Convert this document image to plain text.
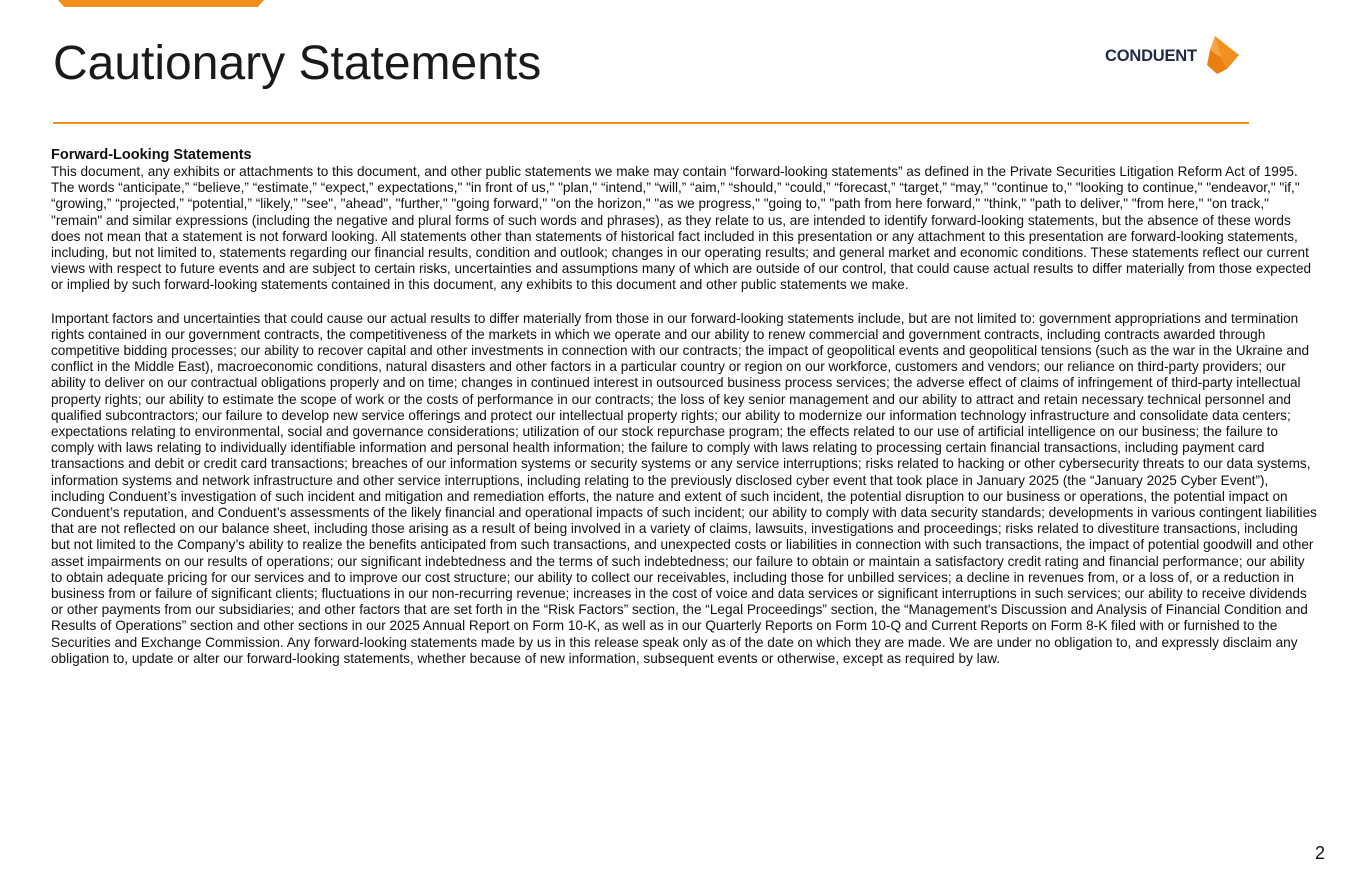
Cautionary Statements	CONDUENT
Forward-Looking Statements

This document, any exhibits or attachments to this document, and other public statements we make may contain “forward-looking statements” as defined in the Private Securities Litigation Reform Act of 1995. The words “anticipate,” “believe,” “estimate,” “expect,” expectations," "in front of us," "plan," “intend,” “will,” “aim,” “should,” “could,” “forecast,” “target,” “may,” "continue to," "looking to continue," "endeavor," "if," “growing,” “projected,” “potential,” “likely,” "see", "ahead", "further," "going forward," "on the horizon," "as we progress," "going to," "path from here forward," "think," "path to deliver," "from here," "on track," "remain" and similar expressions (including the negative and plural forms of such words and phrases), as they relate to us, are intended to identify forward-looking statements, but the absence of these words does not mean that a statement is not forward looking. All statements other than statements of historical fact included in this presentation or any attachment to this presentation are forward-looking statements, including, but not limited to, statements regarding our financial results, condition and outlook; changes in our operating results; and general market and economic conditions. These statements reflect our current views with respect to future events and are subject to certain risks, uncertainties and assumptions many of which are outside of our control, that could cause actual results to differ materially from those expected or implied by such forward-looking statements contained in this document, any exhibits to this document and other public statements we make.

Important factors and uncertainties that could cause our actual results to differ materially from those in our forward-looking statements include, but are not limited to: government appropriations and termination rights contained in our government contracts, the competitiveness of the markets in which we operate and our ability to renew commercial and government contracts, including contracts awarded through competitive bidding processes; our ability to recover capital and other investments in connection with our contracts; the impact of geopolitical events and geopolitical tensions (such as the war in the Ukraine and conflict in the Middle East), macroeconomic conditions, natural disasters and other factors in a particular country or region on our workforce, customers and vendors; our reliance on third-party providers; our ability to deliver on our contractual obligations properly and on time; changes in continued interest in outsourced business process services; the adverse effect of claims of infringement of third-party intellectual property rights; our ability to estimate the scope of work or the costs of performance in our contracts; the loss of key senior management and our ability to attract and retain necessary technical personnel and qualified subcontractors; our failure to develop new service offerings and protect our intellectual property rights; our ability to modernize our information technology infrastructure and consolidate data centers; expectations relating to environmental, social and governance considerations; utilization of our stock repurchase program; the effects related to our use of artificial intelligence on our business; the failure to comply with laws relating to individually identifiable information and personal health information; the failure to comply with laws relating to processing certain financial transactions, including payment card transactions and debit or credit card transactions; breaches of our information systems or security systems or any service interruptions; risks related to hacking or other cybersecurity threats to our data systems, information systems and network infrastructure and other service interruptions, including relating to the previously disclosed cyber event that took place in January 2025 (the “January 2025 Cyber Event”), including Conduent’s investigation of such incident and mitigation and remediation efforts, the nature and extent of such incident, the potential disruption to our business or operations, the potential impact on Conduent’s reputation, and Conduent’s assessments of the likely financial and operational impacts of such incident; our ability to comply with data security standards; developments in various contingent liabilities that are not reflected on our balance sheet, including those arising as a result of being involved in a variety of claims, lawsuits, investigations and proceedings; risks related to divestiture transactions, including but not limited to the Company’s ability to realize the benefits anticipated from such transactions, and unexpected costs or liabilities in connection with such transactions, the impact of potential goodwill and other asset impairments on our results of operations; our significant indebtedness and the terms of such indebtedness; our failure to obtain or maintain a satisfactory credit rating and financial performance; our ability to obtain adequate pricing for our services and to improve our cost structure; our ability to collect our receivables, including those for unbilled services; a decline in revenues from, or a loss of, or a reduction in business from or failure of significant clients; fluctuations in our non-recurring revenue; increases in the cost of voice and data services or significant interruptions in such services; our ability to receive dividends or other payments from our subsidiaries; and other factors that are set forth in the “Risk Factors” section, the “Legal Proceedings” section, the “Management's Discussion and Analysis of Financial Condition and Results of Operations” section and other sections in our 2025 Annual Report on Form 10-K, as well as in our Quarterly Reports on Form 10-Q and Current Reports on Form 8-K filed with or furnished to the Securities and Exchange Commission. Any forward-looking statements made by us in this release speak only as of the date on which they are made. We are under no obligation to, and expressly disclaim any obligation to, update or alter our forward-looking statements, whether because of new information, subsequent events or otherwise, except as required by law.

2
